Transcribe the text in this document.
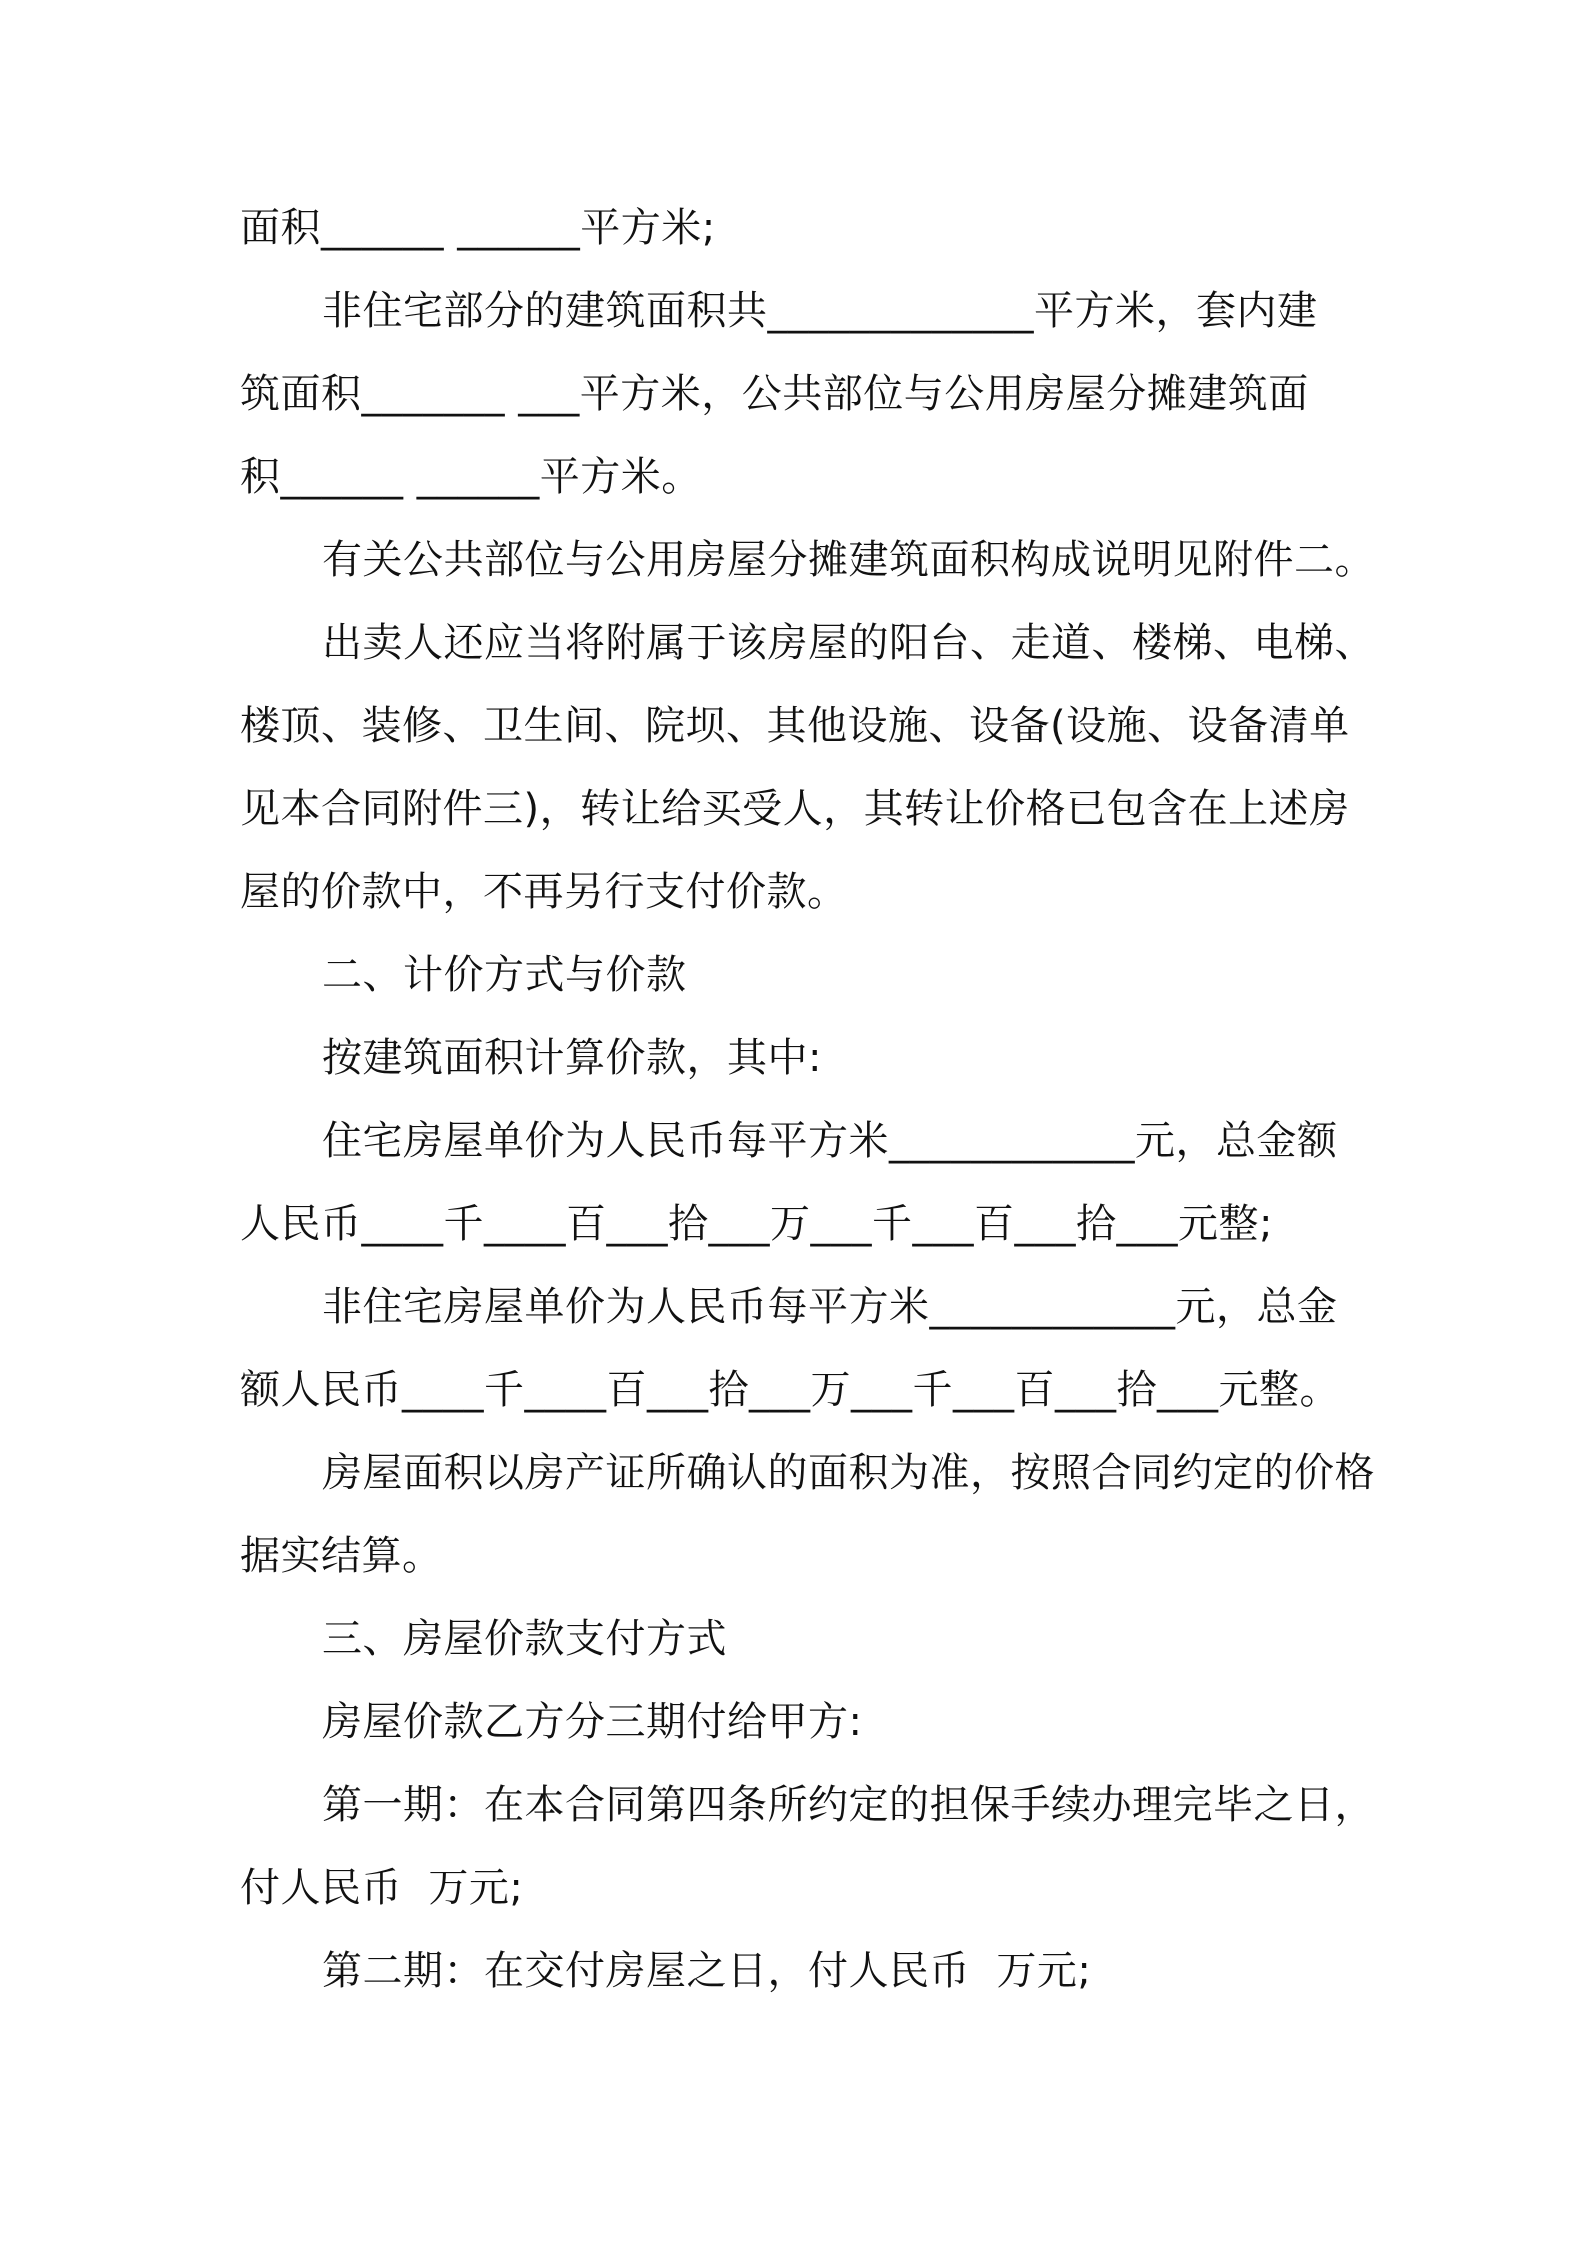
面积______ ______平方米;
非住宅部分的建筑面积共_____________平方米，套内建
筑面积_______ ___平方米，公共部位与公用房屋分摊建筑面
积______ ______平方米。
有关公共部位与公用房屋分摊建筑面积构成说明见附件二。
出卖人还应当将附属于该房屋的阳台、走道、楼梯、电梯、
楼顶、装修、卫生间、院坝、其他设施、设备(设施、设备清单
见本合同附件三)，转让给买受人，其转让价格已包含在上述房
屋的价款中，不再另行支付价款。
二、计价方式与价款
按建筑面积计算价款，其中:
住宅房屋单价为人民币每平方米____________元，总金额
人民币____千____百___拾___万___千___百___拾___元整;
非住宅房屋单价为人民币每平方米____________元，总金
额人民币____千____百___拾___万___千___百___拾___元整。
房屋面积以房产证所确认的面积为准，按照合同约定的价格
据实结算。
三、房屋价款支付方式
房屋价款乙方分三期付给甲方:
第一期：在本合同第四条所约定的担保手续办理完毕之日，
付人民币  万元;
第二期：在交付房屋之日，付人民币  万元;
